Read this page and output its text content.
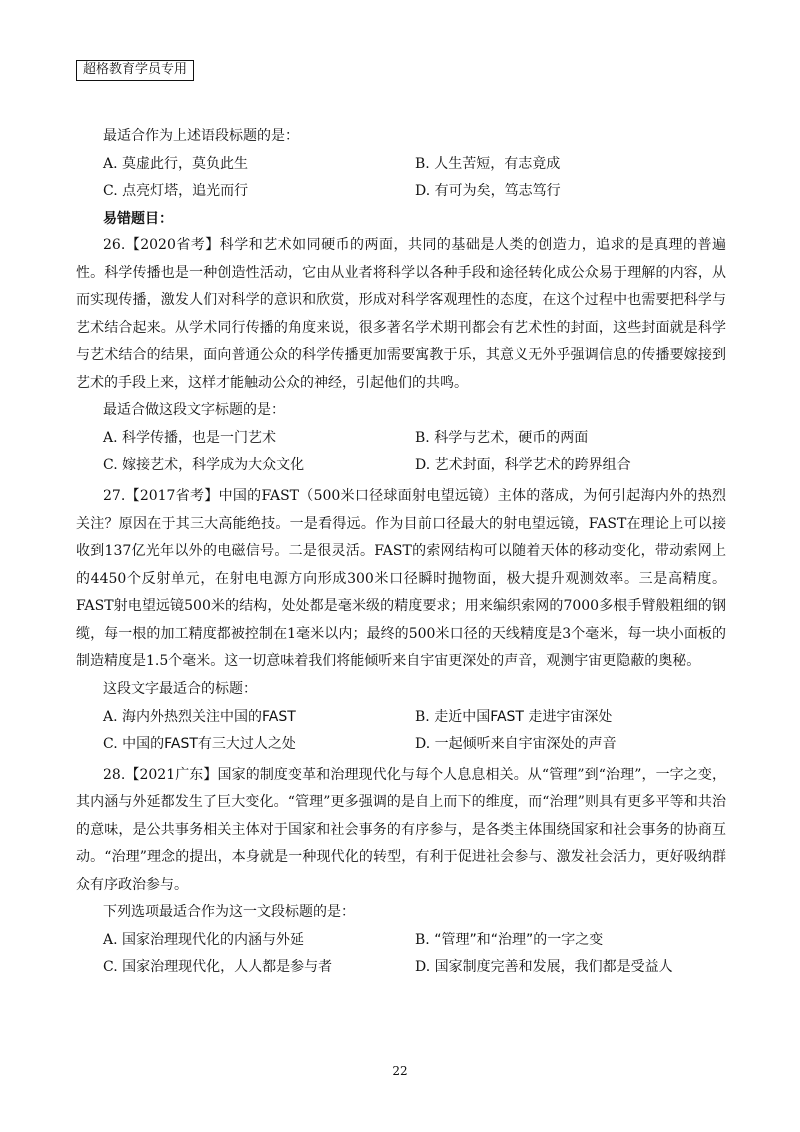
超格教育学员专用
最适合作为上述语段标题的是：
A. 莫虚此行，莫负此生	B. 人生苦短，有志竟成
C. 点亮灯塔，追光而行	D. 有可为矣，笃志笃行
易错题目：

26.【2020省考】科学和艺术如同硬币的两面，共同的基础是人类的创造力，追求的是真理的普遍性。科学传播也是一种创造性活动，它由从业者将科学以各种手段和途径转化成公众易于理解的内容，从而实现传播，激发人们对科学的意识和欣赏，形成对科学客观理性的态度，在这个过程中也需要把科学与艺术结合起来。从学术同行传播的角度来说，很多著名学术期刊都会有艺术性的封面，这些封面就是科学与艺术结合的结果，面向普通公众的科学传播更加需要寓教于乐，其意义无外乎强调信息的传播要嫁接到艺术的手段上来，这样才能触动公众的神经，引起他们的共鸣。

最适合做这段文字标题的是：
A. 科学传播，也是一门艺术	B. 科学与艺术，硬币的两面
C. 嫁接艺术，科学成为大众文化	D. 艺术封面，科学艺术的跨界组合

27.【2017省考】中国的FAST（500米口径球面射电望远镜）主体的落成，为何引起海内外的热烈关注？原因在于其三大高能绝技。一是看得远。作为目前口径最大的射电望远镜，FAST在理论上可以接收到137亿光年以外的电磁信号。二是很灵活。FAST的索网结构可以随着天体的移动变化，带动索网上的4450个反射单元，在射电电源方向形成300米口径瞬时抛物面，极大提升观测效率。三是高精度。FAST射电望远镜500米的结构，处处都是毫米级的精度要求；用来编织索网的7000多根手臂般粗细的钢缆，每一根的加工精度都被控制在1毫米以内；最终的500米口径的天线精度是3个毫米，每一块小面板的制造精度是1.5个毫米。这一切意味着我们将能倾听来自宇宙更深处的声音，观测宇宙更隐蔽的奥秘。

这段文字最适合的标题：
A. 海内外热烈关注中国的FAST	B. 走近中国FAST 走进宇宙深处
C. 中国的FAST有三大过人之处	D. 一起倾听来自宇宙深处的声音

28.【2021广东】国家的制度变革和治理现代化与每个人息息相关。从“管理”到“治理”，一字之变，其内涵与外延都发生了巨大变化。“管理”更多强调的是自上而下的维度，而“治理”则具有更多平等和共治的意味，是公共事务相关主体对于国家和社会事务的有序参与，是各类主体围绕国家和社会事务的协商互动。“治理”理念的提出，本身就是一种现代化的转型，有利于促进社会参与、激发社会活力，更好吸纳群众有序政治参与。

下列选项最适合作为这一文段标题的是：
A. 国家治理现代化的内涵与外延	B. “管理”和“治理”的一字之变
C. 国家治理现代化，人人都是参与者	D. 国家制度完善和发展，我们都是受益人
22
